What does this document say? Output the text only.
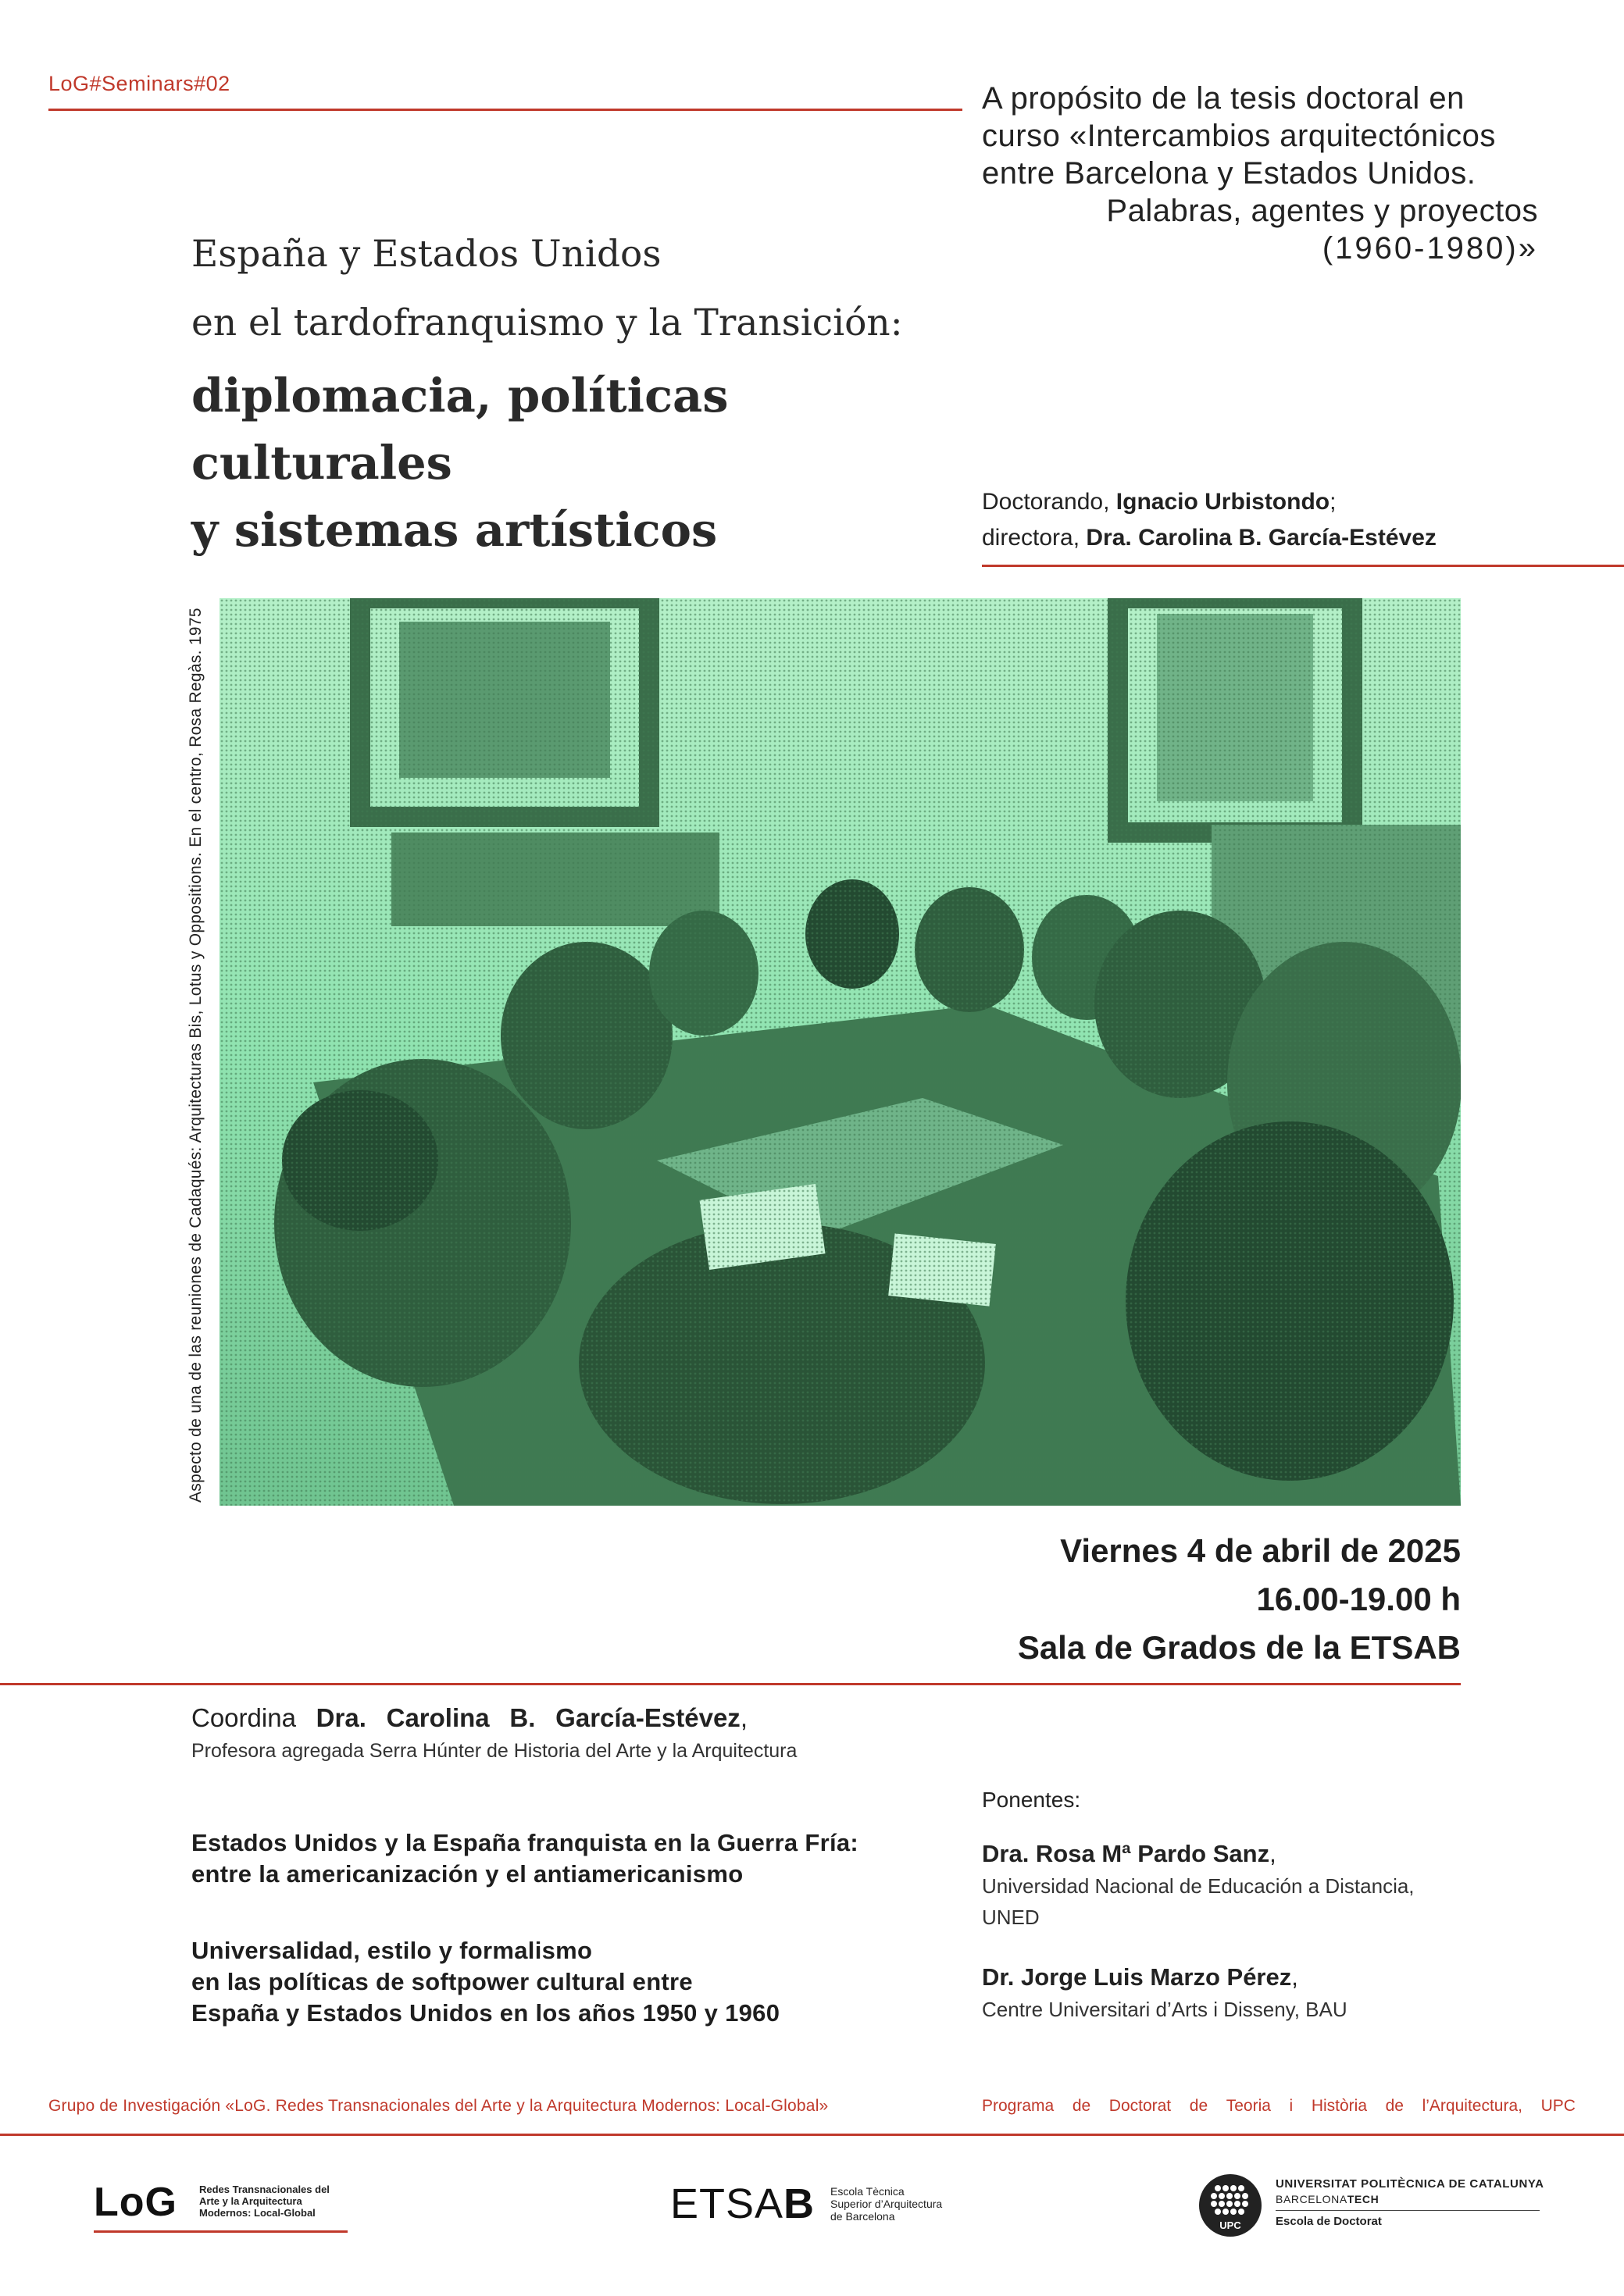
LoG#Seminars#02	A propósito de la tesis doctoral en
curso «Intercambios arquitectónicos
entre Barcelona y Estados Unidos.
Palabras, agentes y proyectos
(1960-1980)»
España y Estados Unidos
en el tardofranquismo y la Transición:
diplomacia, políticas culturales
y sistemas artísticos
Doctorando, Ignacio Urbistondo;
directora, Dra. Carolina B. García-Estévez
Aspecto de una de las reuniones de Cadaqués: Arquitecturas Bis, Lotus y Oppositions. En el centro, Rosa Regàs. 1975
Viernes 4 de abril de 2025
16.00-19.00 h
Sala de Grados de la ETSAB
Coordina Dra. Carolina B. García-Estévez,
Profesora agregada Serra Húnter de Historia del Arte y la Arquitectura
Estados Unidos y la España franquista en la Guerra Fría:
entre la americanización y el antiamericanismo
Universalidad, estilo y formalismo
en las políticas de softpower cultural entre
España y Estados Unidos en los años 1950 y 1960
Ponentes:
Dra. Rosa Mª Pardo Sanz,
Universidad Nacional de Educación a Distancia,
UNED
Dr. Jorge Luis Marzo Pérez,
Centre Universitari d’Arts i Disseny, BAU
Grupo de Investigación «LoG. Redes Transnacionales del Arte y la Arquitectura Modernos: Local-Global»	Programa de Doctorat de Teoria i Història de l’Arquitectura, UPC
LoG Redes Transnacionales del
Arte y la Arquitectura
Modernos: Local-Global	ETSAB Escola Tècnica
Superior d’Arquitectura
de Barcelona
UPC
UNIVERSITAT POLITÈCNICA DE CATALUNYA
BARCELONATECH
Escola de Doctorat
